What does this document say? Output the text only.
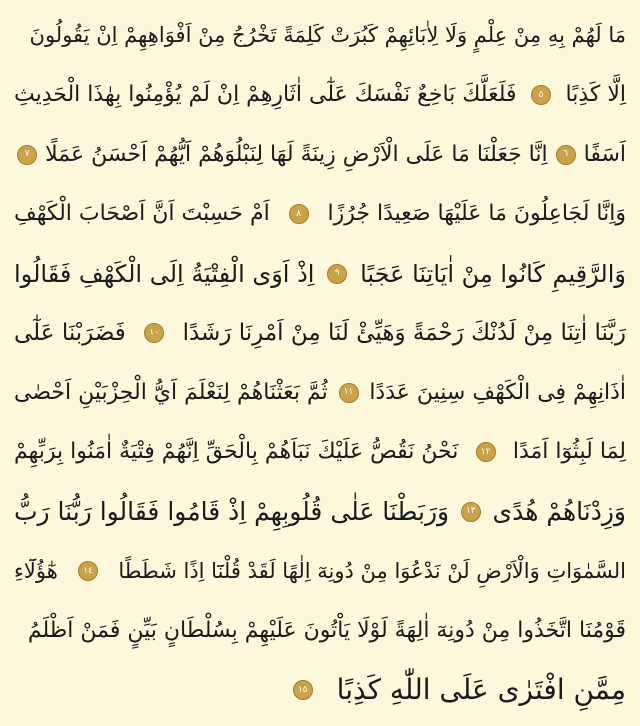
مَا لَهُمْ بِهِ مِنْ عِلْمٍ وَلَا لِاٰبَائِهِمْ كَبُرَتْ كَلِمَةً تَخْرُجُ مِنْ اَفْوَاهِهِمْ اِنْ يَقُولُونَ
اِلَّا كَذِبًا
٥
فَلَعَلَّكَ بَاخِعٌ نَفْسَكَ عَلٰٓى اٰثَارِهِمْ اِنْ لَمْ يُؤْمِنُوا بِهٰذَا الْحَدِيثِ
اَسَفًا
٦
اِنَّا جَعَلْنَا مَا عَلَى الْاَرْضِ زِينَةً لَهَا لِنَبْلُوَهُمْ اَيُّهُمْ اَحْسَنُ عَمَلًا
٧
وَاِنَّا لَجَاعِلُونَ مَا عَلَيْهَا صَعِيدًا جُرُزًا
٨
اَمْ حَسِبْتَ اَنَّ اَصْحَابَ الْكَهْفِ
وَالرَّقِيمِ كَانُوا مِنْ اٰيَاتِنَا عَجَبًا
٩
اِذْ اَوَى الْفِتْيَةُ اِلَى الْكَهْفِ فَقَالُوا
رَبَّنَا اٰتِنَا مِنْ لَدُنْكَ رَحْمَةً وَهَيِّئْ لَنَا مِنْ اَمْرِنَا رَشَدًا
١٠
فَضَرَبْنَا عَلٰٓى
اٰذَانِهِمْ فِى الْكَهْفِ سِنِينَ عَدَدًا
١١
ثُمَّ بَعَثْنَاهُمْ لِنَعْلَمَ اَيُّ الْحِزْبَيْنِ اَحْصٰى
لِمَا لَبِثُوٓا اَمَدًا
١٢
نَحْنُ نَقُصُّ عَلَيْكَ نَبَاَهُمْ بِالْحَقِّ اِنَّهُمْ فِتْيَةٌ اٰمَنُوا بِرَبِّهِمْ
وَزِدْنَاهُمْ هُدًى
١٣
وَرَبَطْنَا عَلٰى قُلُوبِهِمْ اِذْ قَامُوا فَقَالُوا رَبُّنَا رَبُّ
السَّمٰوَاتِ وَالْاَرْضِ لَنْ نَدْعُوَا مِنْ دُونِهٓ اِلٰهًا لَقَدْ قُلْنَٓا اِذًا شَطَطًا
١٤
هٰٓؤُلَٓاءِ
قَوْمُنَا اتَّخَذُوا مِنْ دُونِهٓ اٰلِهَةً لَوْلَا يَاْتُونَ عَلَيْهِمْ بِسُلْطَانٍ بَيِّنٍ فَمَنْ اَظْلَمُ
مِمَّنِ افْتَرٰى عَلَى اللّٰهِ كَذِبًا
١٥
